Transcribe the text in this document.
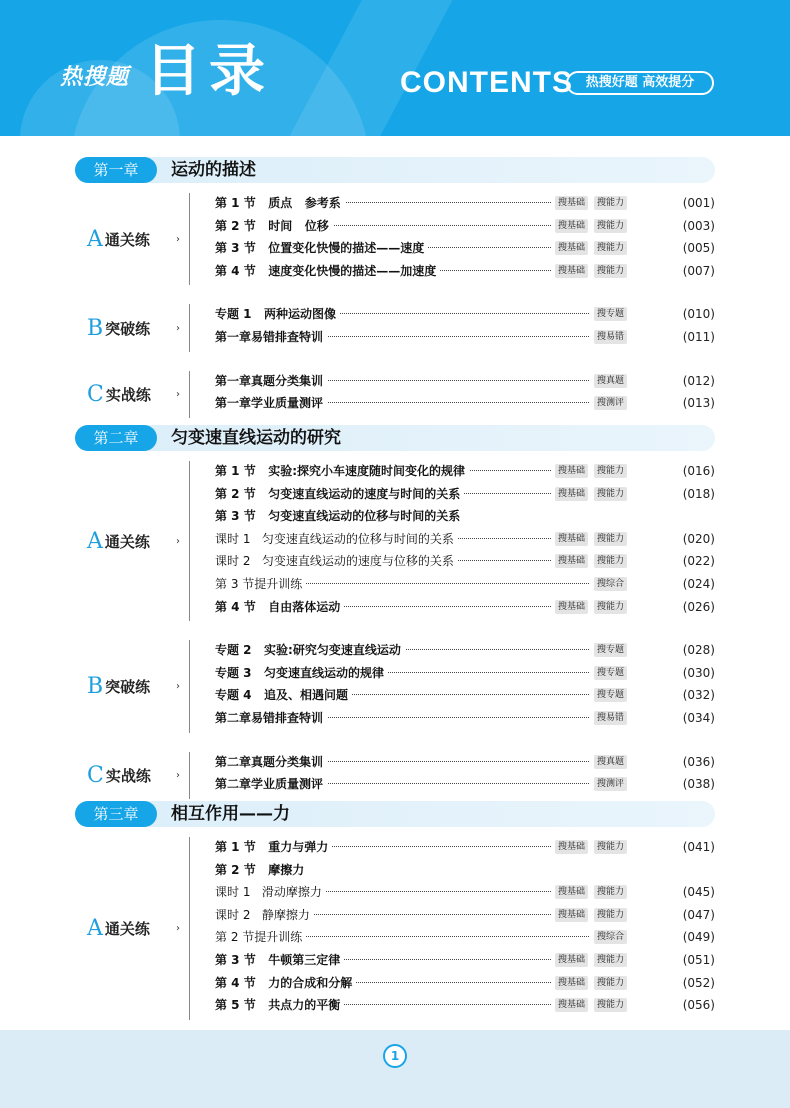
热搜题 目录	CONTENTS 热搜好题 高效提分
第一章	运动的描述
A 通关练	›
第 1 节   质点   参考系	搜基础	搜能力	(001)
第 2 节   时间   位移	搜基础	搜能力	(003)
第 3 节   位置变化快慢的描述——速度	搜基础	搜能力	(005)
第 4 节   速度变化快慢的描述——加速度	搜基础	搜能力	(007)
B 突破练	›
专题 1   两种运动图像	搜专题	(010)
第一章易错排查特训	搜易错	(011)
C 实战练	›
第一章真题分类集训	搜真题	(012)
第一章学业质量测评	搜测评	(013)
第二章	匀变速直线运动的研究
A 通关练	›
第 1 节   实验:探究小车速度随时间变化的规律	搜基础	搜能力	(016)
第 2 节   匀变速直线运动的速度与时间的关系	搜基础	搜能力	(018)
第 3 节   匀变速直线运动的位移与时间的关系
课时 1   匀变速直线运动的位移与时间的关系	搜基础	搜能力	(020)
课时 2   匀变速直线运动的速度与位移的关系	搜基础	搜能力	(022)
第 3 节提升训练	搜综合	(024)
第 4 节   自由落体运动	搜基础	搜能力	(026)
B 突破练	›
专题 2   实验:研究匀变速直线运动	搜专题	(028)
专题 3   匀变速直线运动的规律	搜专题	(030)
专题 4   追及、相遇问题	搜专题	(032)
第二章易错排查特训	搜易错	(034)
C 实战练	›
第二章真题分类集训	搜真题	(036)
第二章学业质量测评	搜测评	(038)
第三章	相互作用——力
A 通关练	›
第 1 节   重力与弹力	搜基础	搜能力	(041)
第 2 节   摩擦力
课时 1   滑动摩擦力	搜基础	搜能力	(045)
课时 2   静摩擦力	搜基础	搜能力	(047)
第 2 节提升训练	搜综合	(049)
第 3 节   牛顿第三定律	搜基础	搜能力	(051)
第 4 节   力的合成和分解	搜基础	搜能力	(052)
第 5 节   共点力的平衡	搜基础	搜能力	(056)
1
